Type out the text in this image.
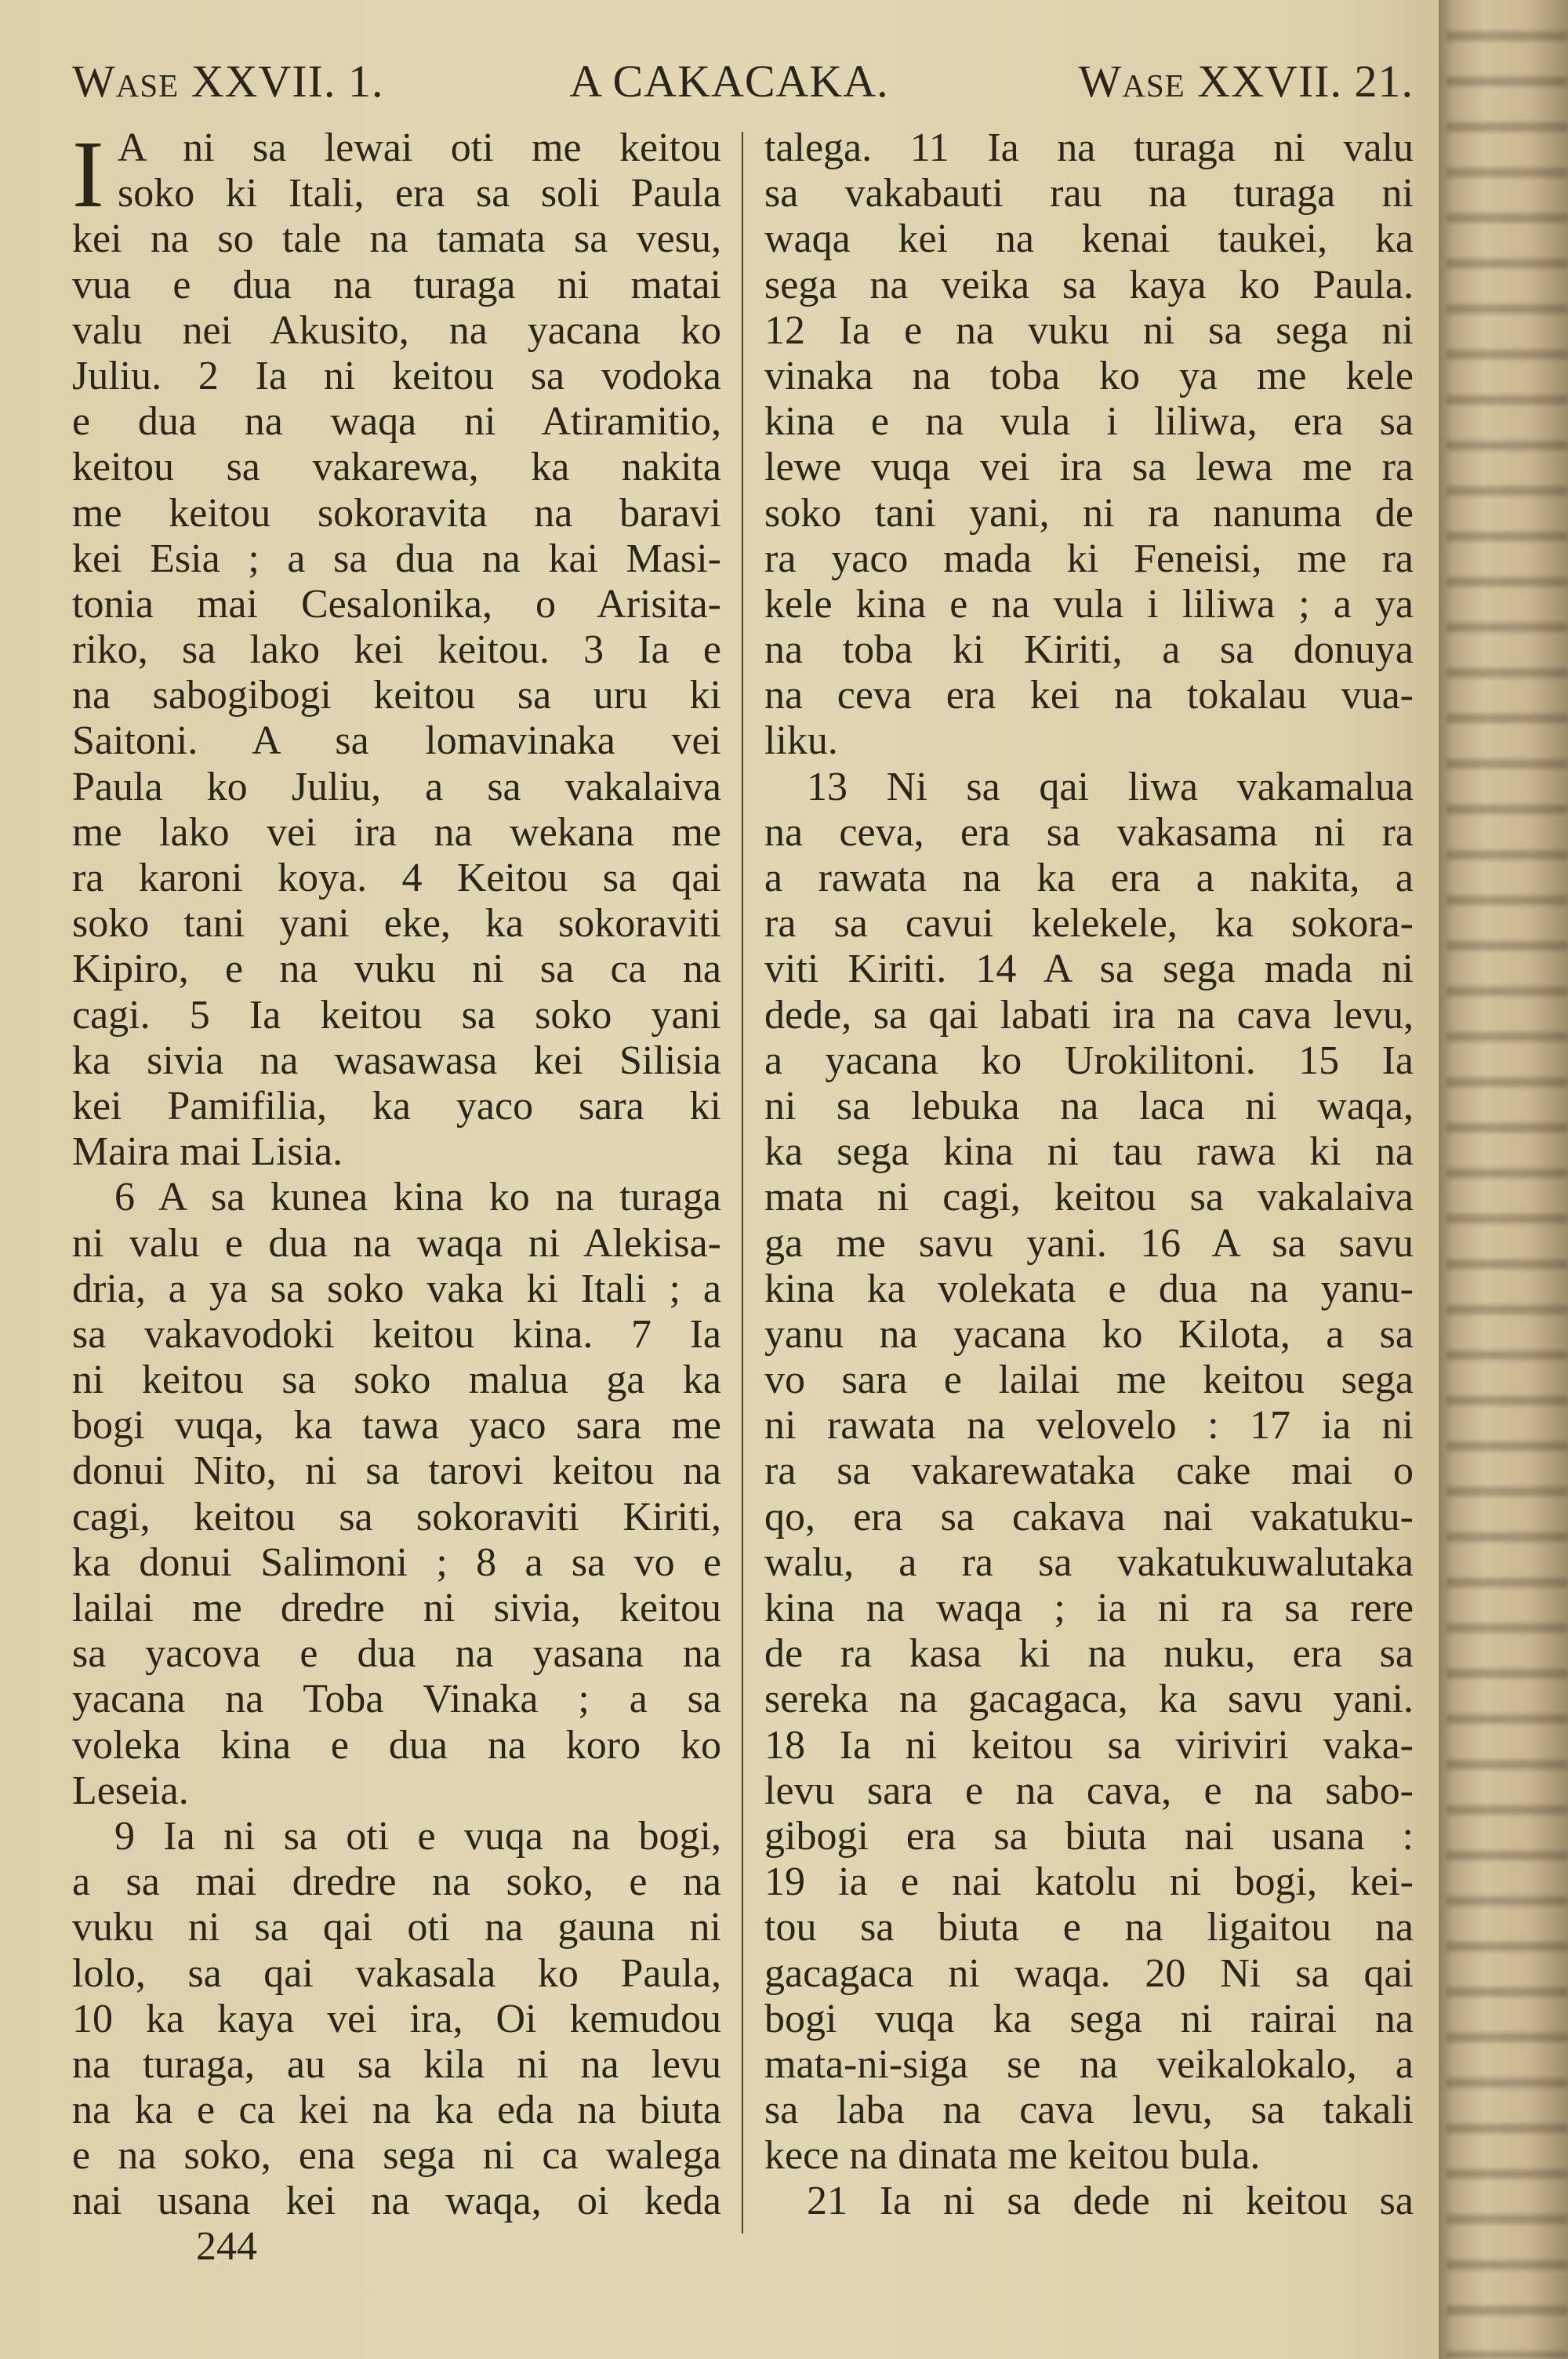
Wase XXVII. 1.	A CAKACAKA.	Wase XXVII. 21.
I A ni sa lewai oti me keitou
soko ki Itali, era sa soli Paula
kei na so tale na tamata sa vesu,
vua e dua na turaga ni matai
valu nei Akusito, na yacana ko
Juliu. 2 Ia ni keitou sa vodoka
e dua na waqa ni Atiramitio,
keitou sa vakarewa, ka nakita
me keitou sokoravita na baravi
kei Esia ; a sa dua na kai Masi-
tonia mai Cesalonika, o Arisita-
riko, sa lako kei keitou. 3 Ia e
na sabogibogi keitou sa uru ki
Saitoni. A sa lomavinaka vei
Paula ko Juliu, a sa vakalaiva
me lako vei ira na wekana me
ra karoni koya. 4 Keitou sa qai
soko tani yani eke, ka sokoraviti
Kipiro, e na vuku ni sa ca na
cagi. 5 Ia keitou sa soko yani
ka sivia na wasawasa kei Silisia
kei Pamifilia, ka yaco sara ki
Maira mai Lisia.
6 A sa kunea kina ko na turaga
ni valu e dua na waqa ni Alekisa-
dria, a ya sa soko vaka ki Itali ; a
sa vakavodoki keitou kina. 7 Ia
ni keitou sa soko malua ga ka
bogi vuqa, ka tawa yaco sara me
donui Nito, ni sa tarovi keitou na
cagi, keitou sa sokoraviti Kiriti,
ka donui Salimoni ; 8 a sa vo e
lailai me dredre ni sivia, keitou
sa yacova e dua na yasana na
yacana na Toba Vinaka ; a sa
voleka kina e dua na koro ko
Leseia.
9 Ia ni sa oti e vuqa na bogi,
a sa mai dredre na soko, e na
vuku ni sa qai oti na gauna ni
lolo, sa qai vakasala ko Paula,
10 ka kaya vei ira, Oi kemudou
na turaga, au sa kila ni na levu
na ka e ca kei na ka eda na biuta
e na soko, ena sega ni ca walega
nai usana kei na waqa, oi keda
talega. 11 Ia na turaga ni valu
sa vakabauti rau na turaga ni
waqa kei na kenai taukei, ka
sega na veika sa kaya ko Paula.
12 Ia e na vuku ni sa sega ni
vinaka na toba ko ya me kele
kina e na vula i liliwa, era sa
lewe vuqa vei ira sa lewa me ra
soko tani yani, ni ra nanuma de
ra yaco mada ki Feneisi, me ra
kele kina e na vula i liliwa ; a ya
na toba ki Kiriti, a sa donuya
na ceva era kei na tokalau vua-
liku.
13 Ni sa qai liwa vakamalua
na ceva, era sa vakasama ni ra
a rawata na ka era a nakita, a
ra sa cavui kelekele, ka sokora-
viti Kiriti. 14 A sa sega mada ni
dede, sa qai labati ira na cava levu,
a yacana ko Urokilitoni. 15 Ia
ni sa lebuka na laca ni waqa,
ka sega kina ni tau rawa ki na
mata ni cagi, keitou sa vakalaiva
ga me savu yani. 16 A sa savu
kina ka volekata e dua na yanu-
yanu na yacana ko Kilota, a sa
vo sara e lailai me keitou sega
ni rawata na velovelo : 17 ia ni
ra sa vakarewataka cake mai o
qo, era sa cakava nai vakatuku-
walu, a ra sa vakatukuwalutaka
kina na waqa ; ia ni ra sa rere
de ra kasa ki na nuku, era sa
sereka na gacagaca, ka savu yani.
18 Ia ni keitou sa viriviri vaka-
levu sara e na cava, e na sabo-
gibogi era sa biuta nai usana :
19 ia e nai katolu ni bogi, kei-
tou sa biuta e na ligaitou na
gacagaca ni waqa. 20 Ni sa qai
bogi vuqa ka sega ni rairai na
mata-ni-siga se na veikalokalo, a
sa laba na cava levu, sa takali
kece na dinata me keitou bula.
21 Ia ni sa dede ni keitou sa
244
